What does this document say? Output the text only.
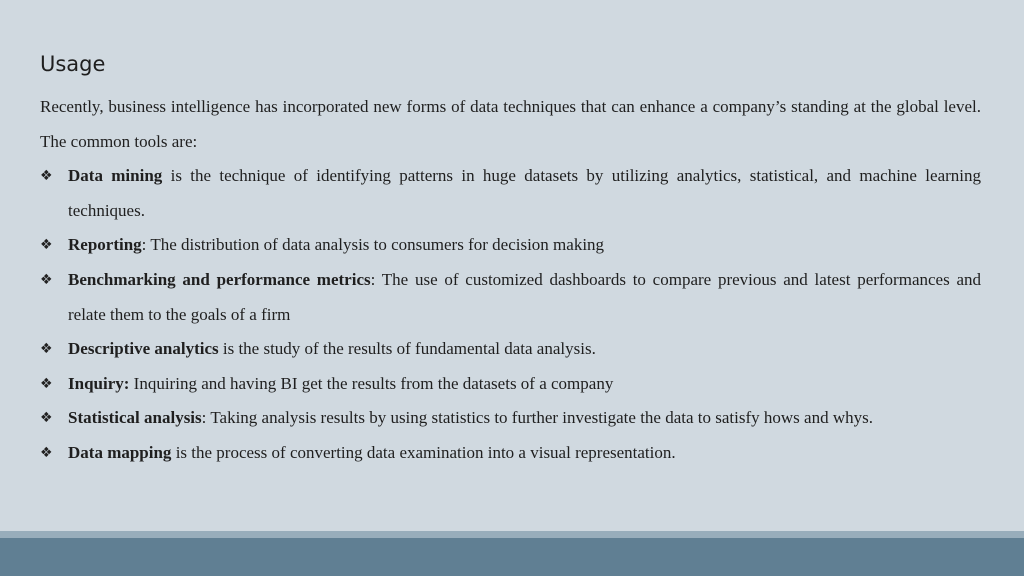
Usage

Recently, business intelligence has incorporated new forms of data techniques that can enhance a company’s standing at the global level. The common tools are:

❖ Data mining is the technique of identifying patterns in huge datasets by utilizing analytics, statistical, and machine learning techniques.
❖ Reporting: The distribution of data analysis to consumers for decision making
❖ Benchmarking and performance metrics: The use of customized dashboards to compare previous and latest performances and relate them to the goals of a firm
❖ Descriptive analytics is the study of the results of fundamental data analysis.
❖ Inquiry: Inquiring and having BI get the results from the datasets of a company
❖ Statistical analysis: Taking analysis results by using statistics to further investigate the data to satisfy hows and whys.
❖ Data mapping is the process of converting data examination into a visual representation.
